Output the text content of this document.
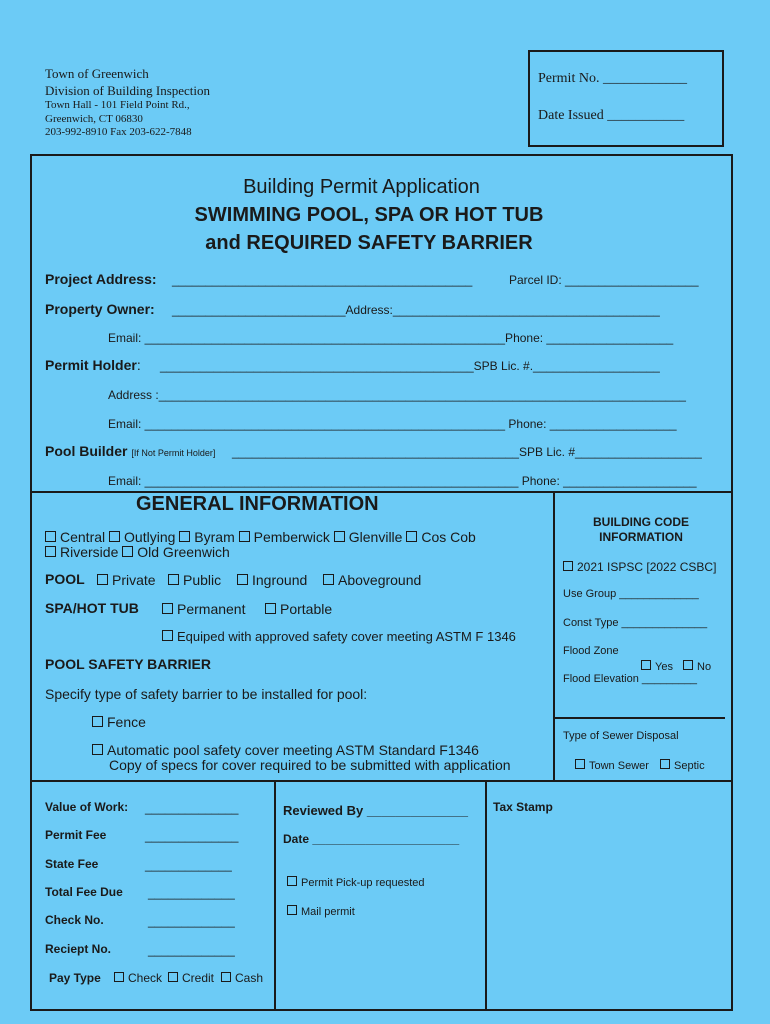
Town of Greenwich
Division of Building Inspection
Town Hall - 101 Field Point Rd.,
Greenwich, CT 06830
203-992-8910 Fax 203-622-7848
Permit No. ____________
Date Issued ___________
Building Permit Application
SWIMMING POOL, SPA OR HOT TUB
and REQUIRED SAFETY BARRIER
Project Address: _____________________________________________	Parcel ID: ____________________
Property Owner: __________________________Address:________________________________________
Email: ______________________________________________________Phone: ___________________
Permit Holder: _______________________________________________SPB Lic. #.___________________
Address :_______________________________________________________________________________
Email: ______________________________________________________ Phone: ___________________
Pool Builder [If Not Permit Holder] ___________________________________________SPB Lic. #___________________
Email: ________________________________________________________ Phone: ____________________
GENERAL INFORMATION
Central Outlying Byram Pemberwick Glenville Cos Cob
Riverside Old Greenwich
POOL	Private	Public	Inground	Aboveground
SPA/HOT TUB	Permanent	Portable
Equiped with approved safety cover meeting ASTM F 1346
POOL SAFETY BARRIER
Specify type of safety barrier to be installed for pool:
Fence
Automatic pool safety cover meeting ASTM Standard F1346
Copy of specs for cover required to be submitted with application
BUILDING CODE
INFORMATION
2021 ISPSC [2022 CSBC]
Use Group _____________
Const Type ______________
Flood Zone
Yes	No
Flood Elevation _________
Type of Sewer Disposal
Town Sewer	Septic
Value of Work: ______________
Permit Fee	______________
State Fee	_____________
Total Fee Due _____________
Check No.	_____________
Reciept No.	_____________
Pay Type	Check	Credit	Cash
Reviewed By ______________
Date ______________________
Permit Pick-up requested
Mail permit
Tax Stamp
